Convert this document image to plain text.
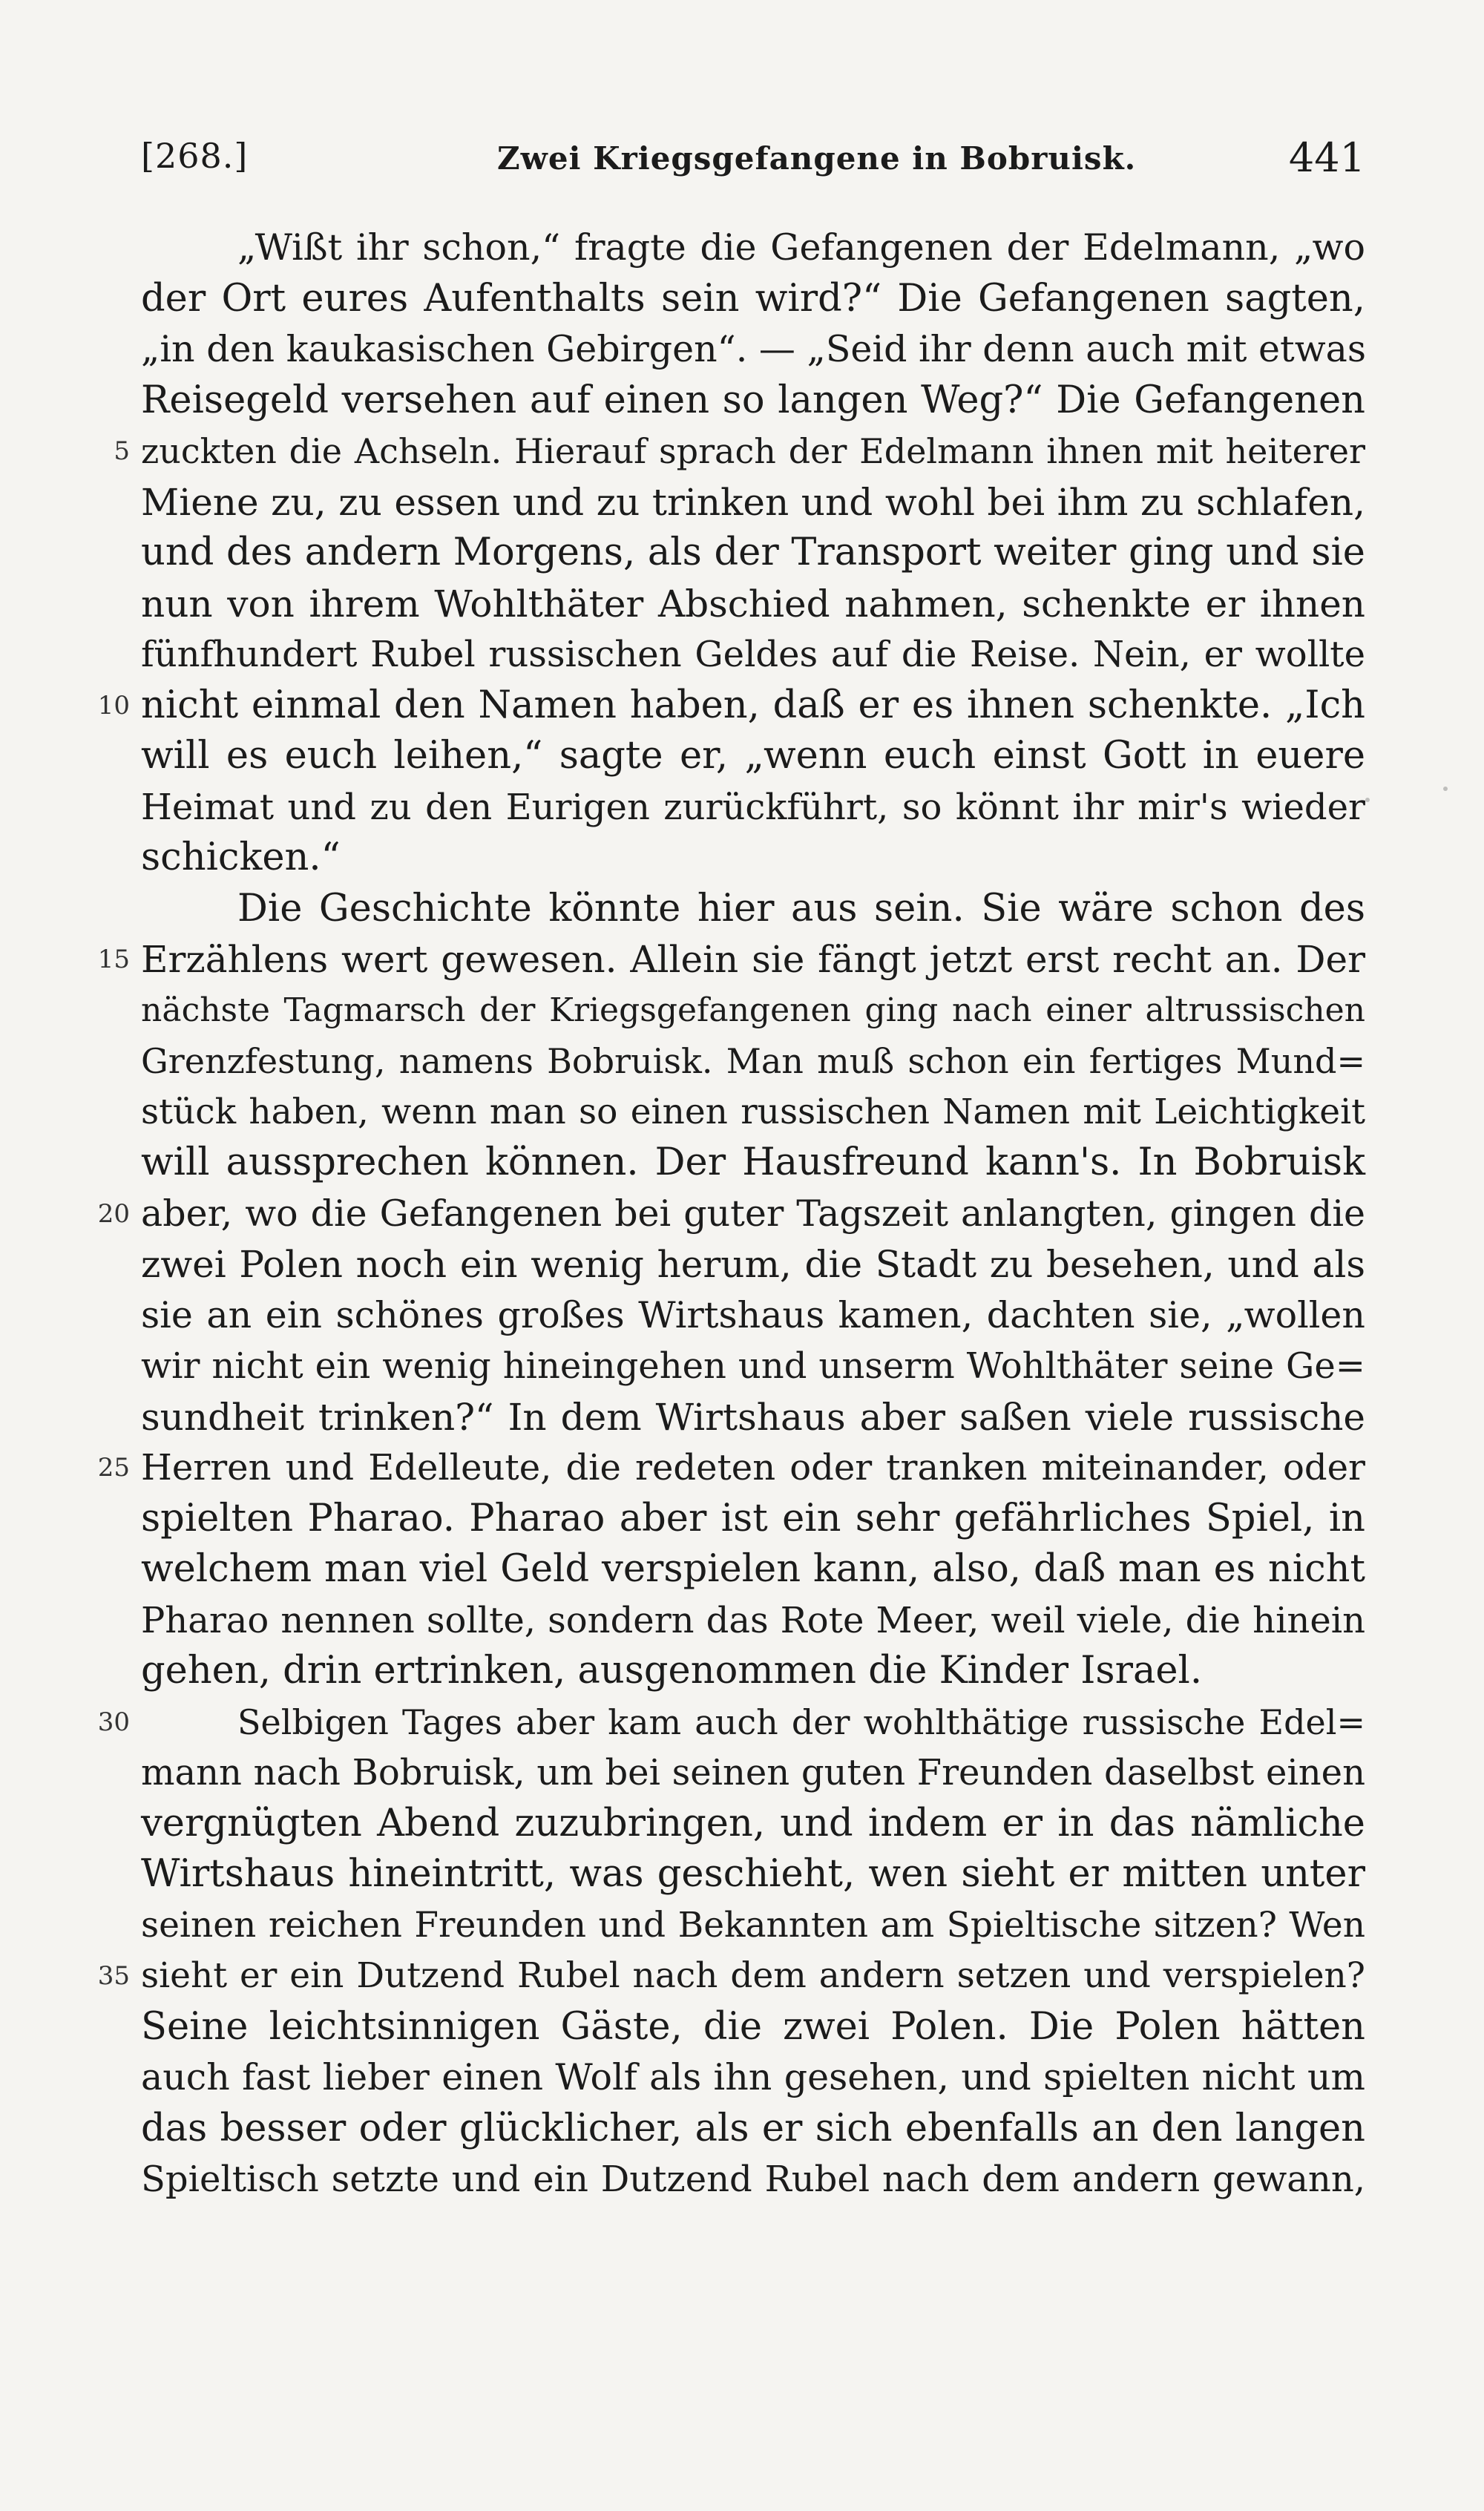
[268.]	Zwei Kriegsgefangene in Bobruisk.	441
„Wißt ihr schon,“ fragte die Gefangenen der Edelmann, „wo
der Ort eures Aufenthalts sein wird?“ Die Gefangenen sagten,
„in den kaukasischen Gebirgen“. — „Seid ihr denn auch mit etwas
Reisegeld versehen auf einen so langen Weg?“ Die Gefangenen
5 zuckten die Achseln. Hierauf sprach der Edelmann ihnen mit heiterer
Miene zu, zu essen und zu trinken und wohl bei ihm zu schlafen,
und des andern Morgens, als der Transport weiter ging und sie
nun von ihrem Wohlthäter Abschied nahmen, schenkte er ihnen
fünfhundert Rubel russischen Geldes auf die Reise. Nein, er wollte
10 nicht einmal den Namen haben, daß er es ihnen schenkte. „Ich
will es euch leihen,“ sagte er, „wenn euch einst Gott in euere
Heimat und zu den Eurigen zurückführt, so könnt ihr mir's wieder
schicken.“
Die Geschichte könnte hier aus sein. Sie wäre schon des
15 Erzählens wert gewesen. Allein sie fängt jetzt erst recht an. Der
nächste Tagmarsch der Kriegsgefangenen ging nach einer altrussischen
Grenzfestung, namens Bobruisk. Man muß schon ein fertiges Mund=
stück haben, wenn man so einen russischen Namen mit Leichtigkeit
will aussprechen können. Der Hausfreund kann's. In Bobruisk
20 aber, wo die Gefangenen bei guter Tagszeit anlangten, gingen die
zwei Polen noch ein wenig herum, die Stadt zu besehen, und als
sie an ein schönes großes Wirtshaus kamen, dachten sie, „wollen
wir nicht ein wenig hineingehen und unserm Wohlthäter seine Ge=
sundheit trinken?“ In dem Wirtshaus aber saßen viele russische
25 Herren und Edelleute, die redeten oder tranken miteinander, oder
spielten Pharao. Pharao aber ist ein sehr gefährliches Spiel, in
welchem man viel Geld verspielen kann, also, daß man es nicht
Pharao nennen sollte, sondern das Rote Meer, weil viele, die hinein
gehen, drin ertrinken, ausgenommen die Kinder Israel.
30	Selbigen Tages aber kam auch der wohlthätige russische Edel=
mann nach Bobruisk, um bei seinen guten Freunden daselbst einen
vergnügten Abend zuzubringen, und indem er in das nämliche
Wirtshaus hineintritt, was geschieht, wen sieht er mitten unter
seinen reichen Freunden und Bekannten am Spieltische sitzen? Wen
35 sieht er ein Dutzend Rubel nach dem andern setzen und verspielen?
Seine leichtsinnigen Gäste, die zwei Polen. Die Polen hätten
auch fast lieber einen Wolf als ihn gesehen, und spielten nicht um
das besser oder glücklicher, als er sich ebenfalls an den langen
Spieltisch setzte und ein Dutzend Rubel nach dem andern gewann,
